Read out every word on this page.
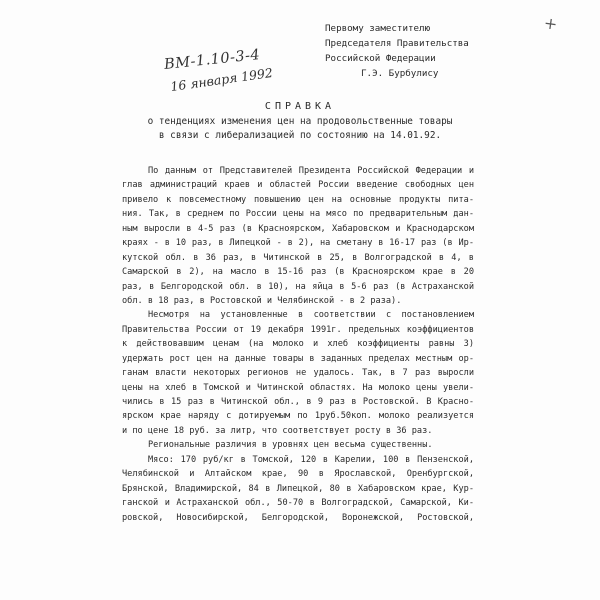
+
Первому заместителю
Председателя Правительства
Российской Федерации
Г.Э. Бурбулису
ВМ-1.10-3-4
16 января 1992
СПРАВКА
о тенденциях изменения цен на продовольственные товары
в связи с либерализацией по состоянию на 14.01.92.
По данным от Представителей Президента Российской Федерации и
глав администраций краев и областей России введение свободных цен
привело к повсеместному повышению цен на основные продукты пита-
ния. Так, в среднем по России цены на мясо по предварительным дан-
ным выросли в 4-5 раз (в Красноярском, Хабаровском и Краснодарском
краях - в 10 раз, в Липецкой - в 2), на сметану в 16-17 раз (в Ир-
кутской обл. в 36 раз, в Читинской в 25, в Волгоградской в 4, в
Самарской в 2), на масло в 15-16 раз (в Красноярском крае в 20
раз, в Белгородской обл. в 10), на яйца в 5-6 раз (в Астраханской
обл. в 18 раз, в Ростовской и Челябинской - в 2 раза).
Несмотря на установленные в соответствии с постановлением
Правительства России от 19 декабря 1991г. предельных коэффициентов
к действовавшим ценам (на молоко и хлеб коэффициенты равны 3)
удержать рост цен на данные товары в заданных пределах местным ор-
ганам власти некоторых регионов не удалось. Так, в 7 раз выросли
цены на хлеб в Томской и Читинской областях. На молоко цены увели-
чились в 15 раз в Читинской обл., в 9 раз в Ростовской. В Красно-
ярском крае наряду с дотируемым по 1руб.50коп. молоко реализуется
и по цене 18 руб. за литр, что соответствует росту в 36 раз.
Региональные различия в уровнях цен весьма существенны.
Мясо: 170 руб/кг в Томской, 120 в Карелии, 100 в Пензенской,
Челябинской и Алтайском крае, 90 в Ярославской, Оренбургской,
Брянской, Владимирской, 84 в Липецкой, 80 в Хабаровском крае, Кур-
ганской и Астраханской обл., 50-70 в Волгоградской, Самарской, Ки-
ровской, Новосибирской, Белгородской, Воронежской, Ростовской,
